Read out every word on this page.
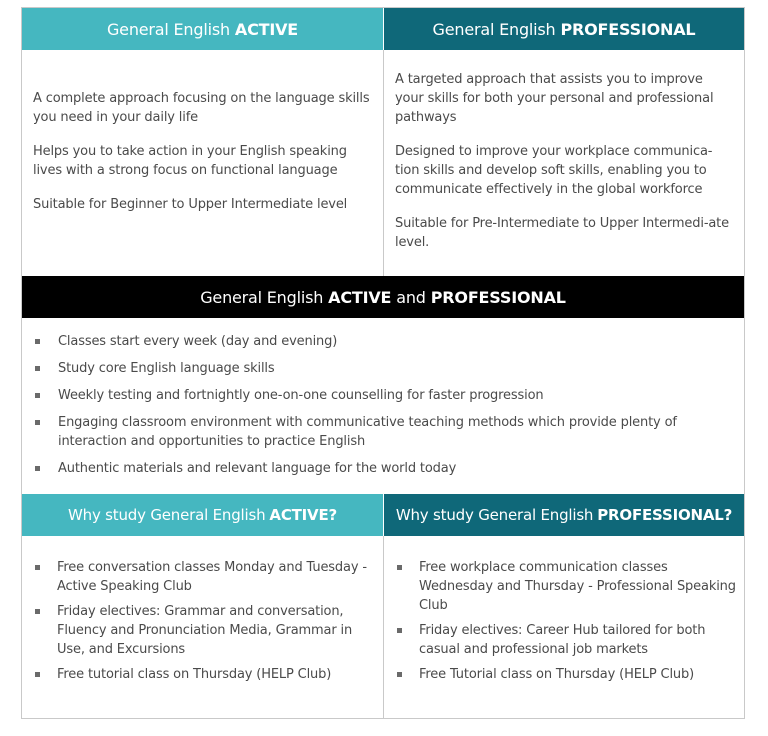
General English ACTIVE	General English PROFESSIONAL

A complete approach focusing on the language skills you need in your daily life

Helps you to take action in your English speaking lives with a strong focus on functional language

Suitable for Beginner to Upper Intermediate level

A targeted approach that assists you to improve your skills for both your personal and professional pathways

Designed to improve your workplace communica-tion skills and develop soft skills, enabling you to communicate effectively in the global workforce

Suitable for Pre-Intermediate to Upper Intermedi-ate level.

General English ACTIVE and PROFESSIONAL
Classes start every week (day and evening)
Study core English language skills
Weekly testing and fortnightly one-on-one counselling for faster progression
Engaging classroom environment with communicative teaching methods which provide plenty of interaction and opportunities to practice English
Authentic materials and relevant language for the world today
Why study General English ACTIVE?	Why study General English PROFESSIONAL?
Free conversation classes Monday and Tuesday - Active Speaking Club
Friday electives: Grammar and conversation, Fluency and Pronunciation Media, Grammar in Use, and Excursions
Free tutorial class on Thursday (HELP Club)
Free workplace communication classes Wednesday and Thursday - Professional Speaking Club
Friday electives: Career Hub tailored for both casual and professional job markets
Free Tutorial class on Thursday (HELP Club)
